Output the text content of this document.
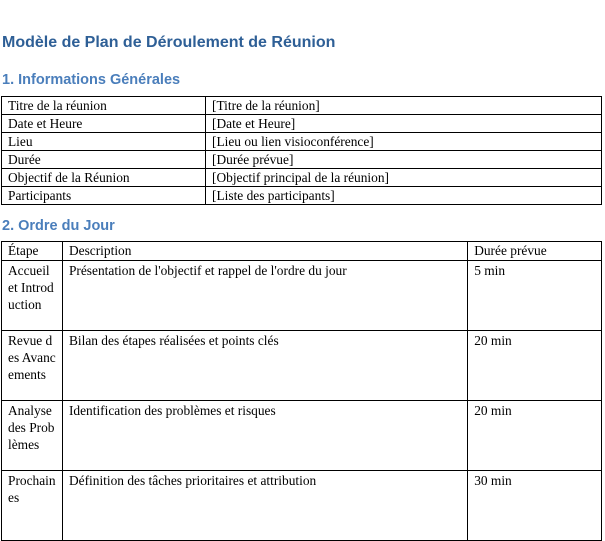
Modèle de Plan de Déroulement de Réunion
1. Informations Générales
Titre de la réunion	[Titre de la réunion]
Date et Heure	[Date et Heure]
Lieu	[Lieu ou lien visioconférence]
Durée	[Durée prévue]
Objectif de la Réunion	[Objectif principal de la réunion]
Participants	[Liste des participants]
2. Ordre du Jour
Étape	Description	Durée prévue
Accueil et Introduction	Présentation de l'objectif et rappel de l'ordre du jour	5 min
Revue des Avancements	Bilan des étapes réalisées et points clés	20 min
Analyse des Problèmes	Identification des problèmes et risques	20 min
Prochaines	Définition des tâches prioritaires et attribution	30 min
